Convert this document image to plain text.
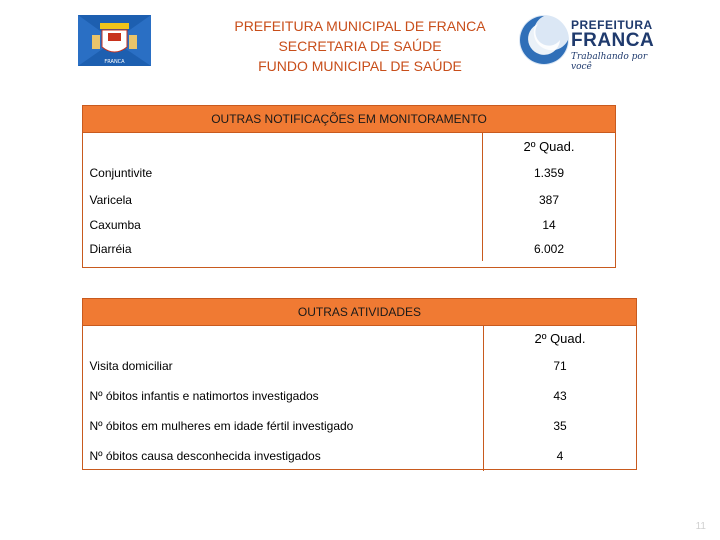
FRANCA
PREFEITURA MUNICIPAL DE FRANCA
SECRETARIA DE SAÚDE
FUNDO MUNICIPAL DE SAÚDE
PREFEITURA
FRANCA
Trabalhando por você
OUTRAS NOTIFICAÇÕES EM MONITORAMENTO	
	2º Quad.
Conjuntivite	1.359
Varicela	387
Caxumba	14
Diarréia	6.002
OUTRAS ATIVIDADES	
	2º Quad.
Visita domiciliar	71
Nº óbitos infantis e natimortos investigados	43
Nº óbitos em mulheres em idade fértil investigado	35
Nº óbitos causa desconhecida investigados	4
11
